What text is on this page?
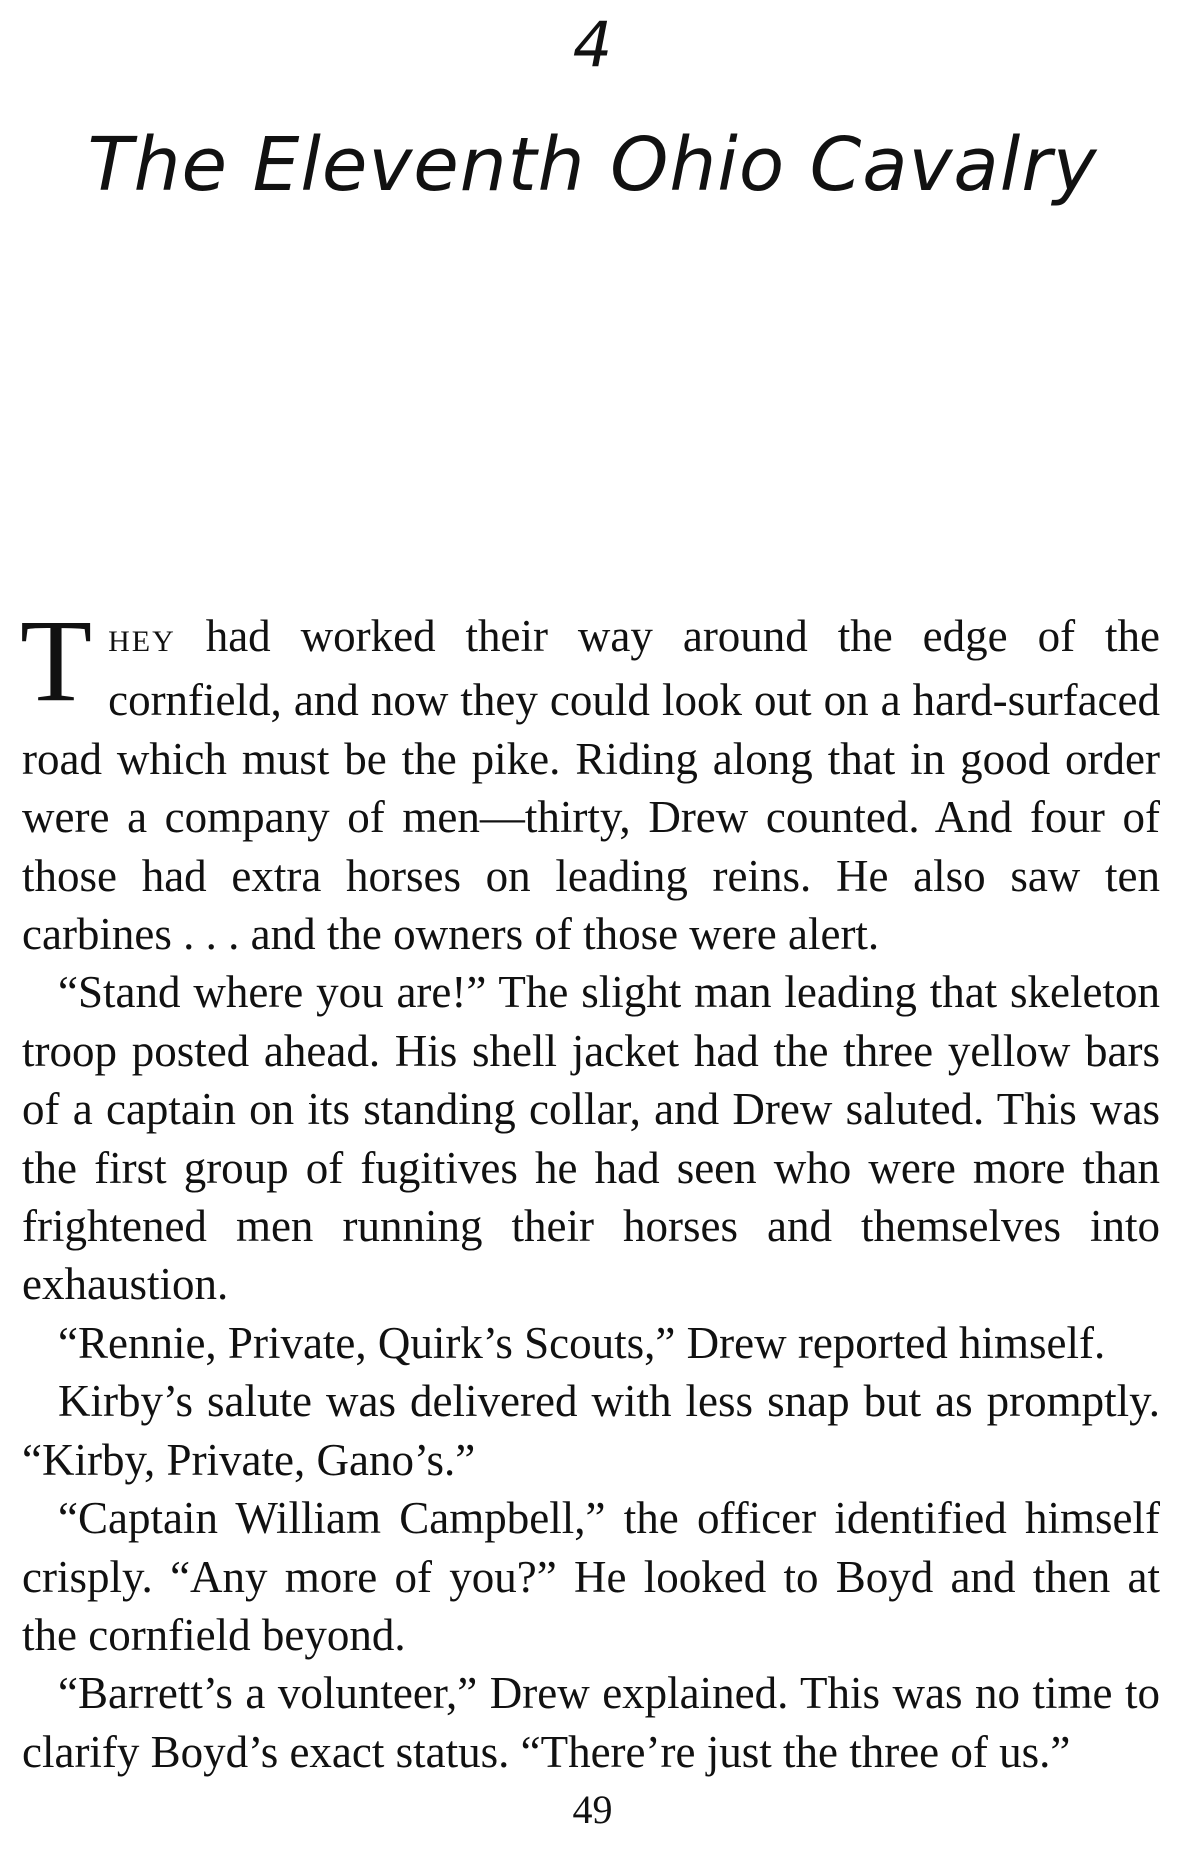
4
The Eleventh Ohio Cavalry

THEY had worked their way around the edge of the cornfield, and now they could look out on a hard-surfaced road which must be the pike. Riding along that in good order were a company of men—thirty, Drew counted. And four of those had extra horses on leading reins. He also saw ten carbines . . . and the owners of those were alert.

“Stand where you are!” The slight man leading that skeleton troop posted ahead. His shell jacket had the three yellow bars of a captain on its standing collar, and Drew saluted. This was the first group of fugitives he had seen who were more than frightened men running their horses and themselves into exhaustion.

“Rennie, Private, Quirk’s Scouts,” Drew reported himself.

Kirby’s salute was delivered with less snap but as promptly. “Kirby, Private, Gano’s.”

“Captain William Campbell,” the officer identified himself crisply. “Any more of you?” He looked to Boyd and then at the cornfield beyond.

“Barrett’s a volunteer,” Drew explained. This was no time to clarify Boyd’s exact status. “There’re just the three of us.”

49
